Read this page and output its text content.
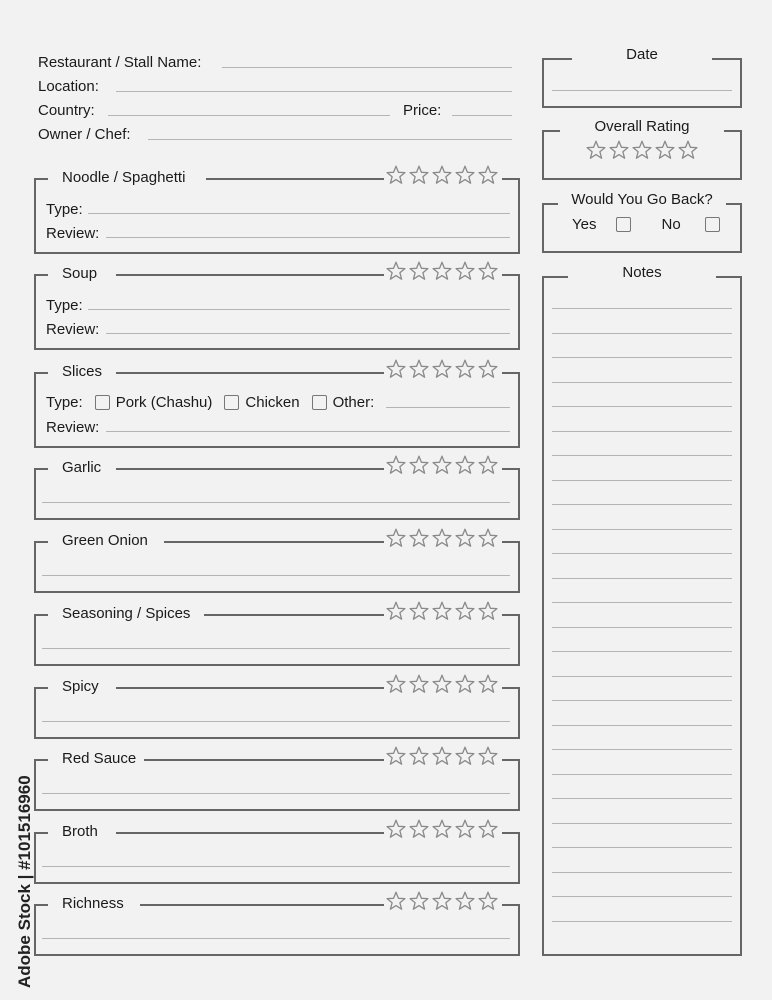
Restaurant / Stall Name:
Location:
Country:	Price:
Owner / Chef:
Noodle / Spaghetti
Type:
Review:
Soup
Type:
Review:
Slices
Type: Pork (Chashu) Chicken Other:
Review:
Garlic
Green Onion
Seasoning / Spices
Spicy
Red Sauce
Broth
Richness
Date
Overall Rating
Would You Go Back?
Yes	No
Notes
Adobe Stock | #101516960
